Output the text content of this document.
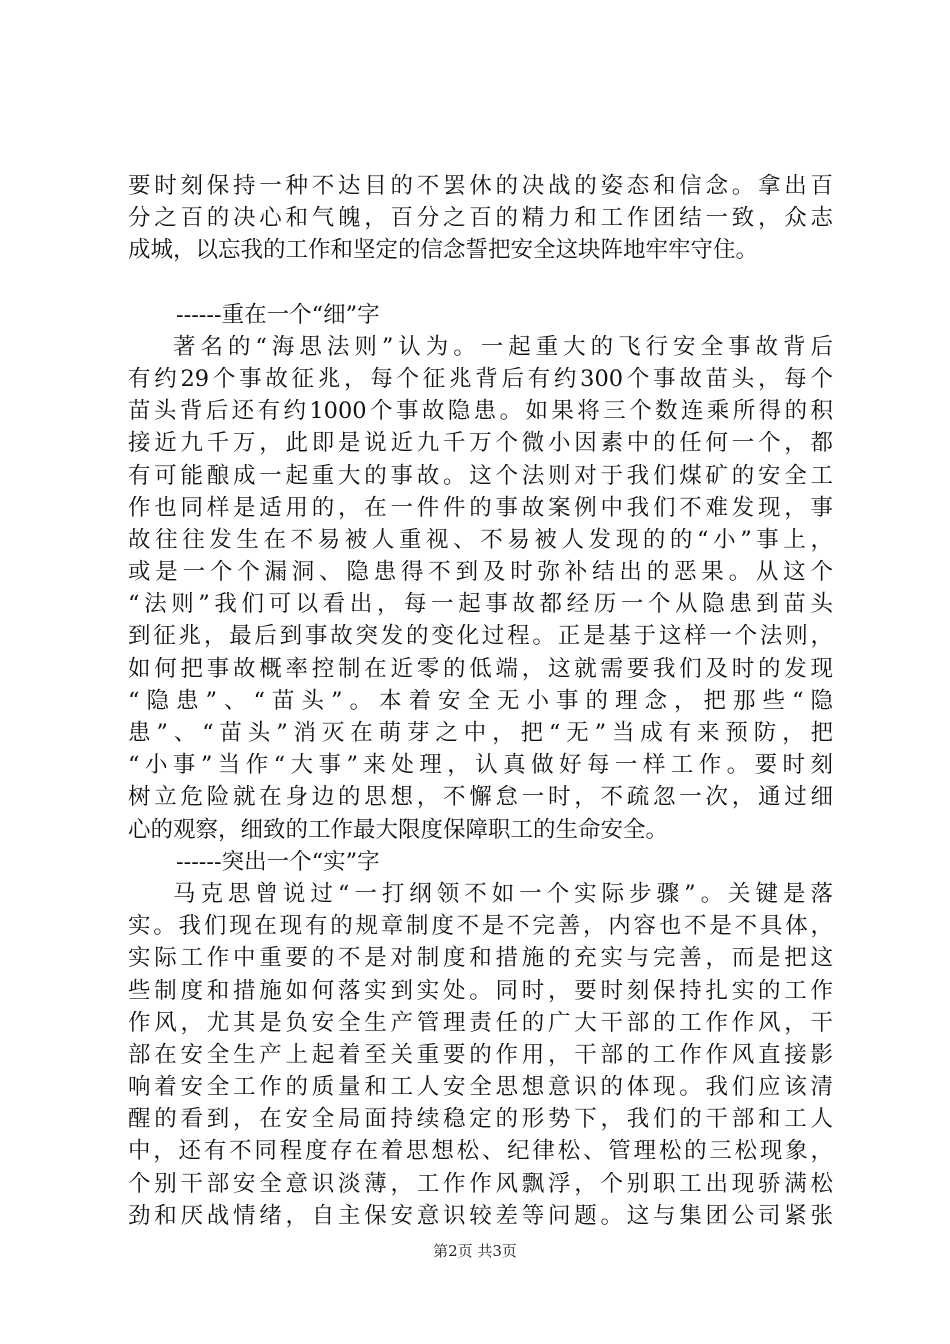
要时刻保持一种不达目的不罢休的决战的姿态和信念。拿出百
分之百的决心和气魄，百分之百的精力和工作团结一致，众志
成城，以忘我的工作和坚定的信念誓把安全这块阵地牢牢守住。
------重在一个“细”字
著名的“海思法则”认为。一起重大的飞行安全事故背后
有约29个事故征兆，每个征兆背后有约300个事故苗头，每个
苗头背后还有约1000个事故隐患。如果将三个数连乘所得的积
接近九千万，此即是说近九千万个微小因素中的任何一个，都
有可能酿成一起重大的事故。这个法则对于我们煤矿的安全工
作也同样是适用的，在一件件的事故案例中我们不难发现，事
故往往发生在不易被人重视、不易被人发现的的“小”事上，
或是一个个漏洞、隐患得不到及时弥补结出的恶果。从这个
“法则”我们可以看出，每一起事故都经历一个从隐患到苗头
到征兆，最后到事故突发的变化过程。正是基于这样一个法则，
如何把事故概率控制在近零的低端，这就需要我们及时的发现
“隐患”、“苗头”。本着安全无小事的理念，把那些“隐
患”、“苗头”消灭在萌芽之中，把“无”当成有来预防，把
“小事”当作“大事”来处理，认真做好每一样工作。要时刻
树立危险就在身边的思想，不懈怠一时，不疏忽一次，通过细
心的观察，细致的工作最大限度保障职工的生命安全。
------突出一个“实”字
马克思曾说过“一打纲领不如一个实际步骤”。关键是落
实。我们现在现有的规章制度不是不完善，内容也不是不具体，
实际工作中重要的不是对制度和措施的充实与完善，而是把这
些制度和措施如何落实到实处。同时，要时刻保持扎实的工作
作风，尤其是负安全生产管理责任的广大干部的工作作风，干
部在安全生产上起着至关重要的作用，干部的工作作风直接影
响着安全工作的质量和工人安全思想意识的体现。我们应该清
醒的看到，在安全局面持续稳定的形势下，我们的干部和工人
中，还有不同程度存在着思想松、纪律松、管理松的三松现象，
个别干部安全意识淡薄，工作作风飘浮，个别职工出现骄满松
劲和厌战情绪，自主保安意识较差等问题。这与集团公司紧张
第2页 共3页
